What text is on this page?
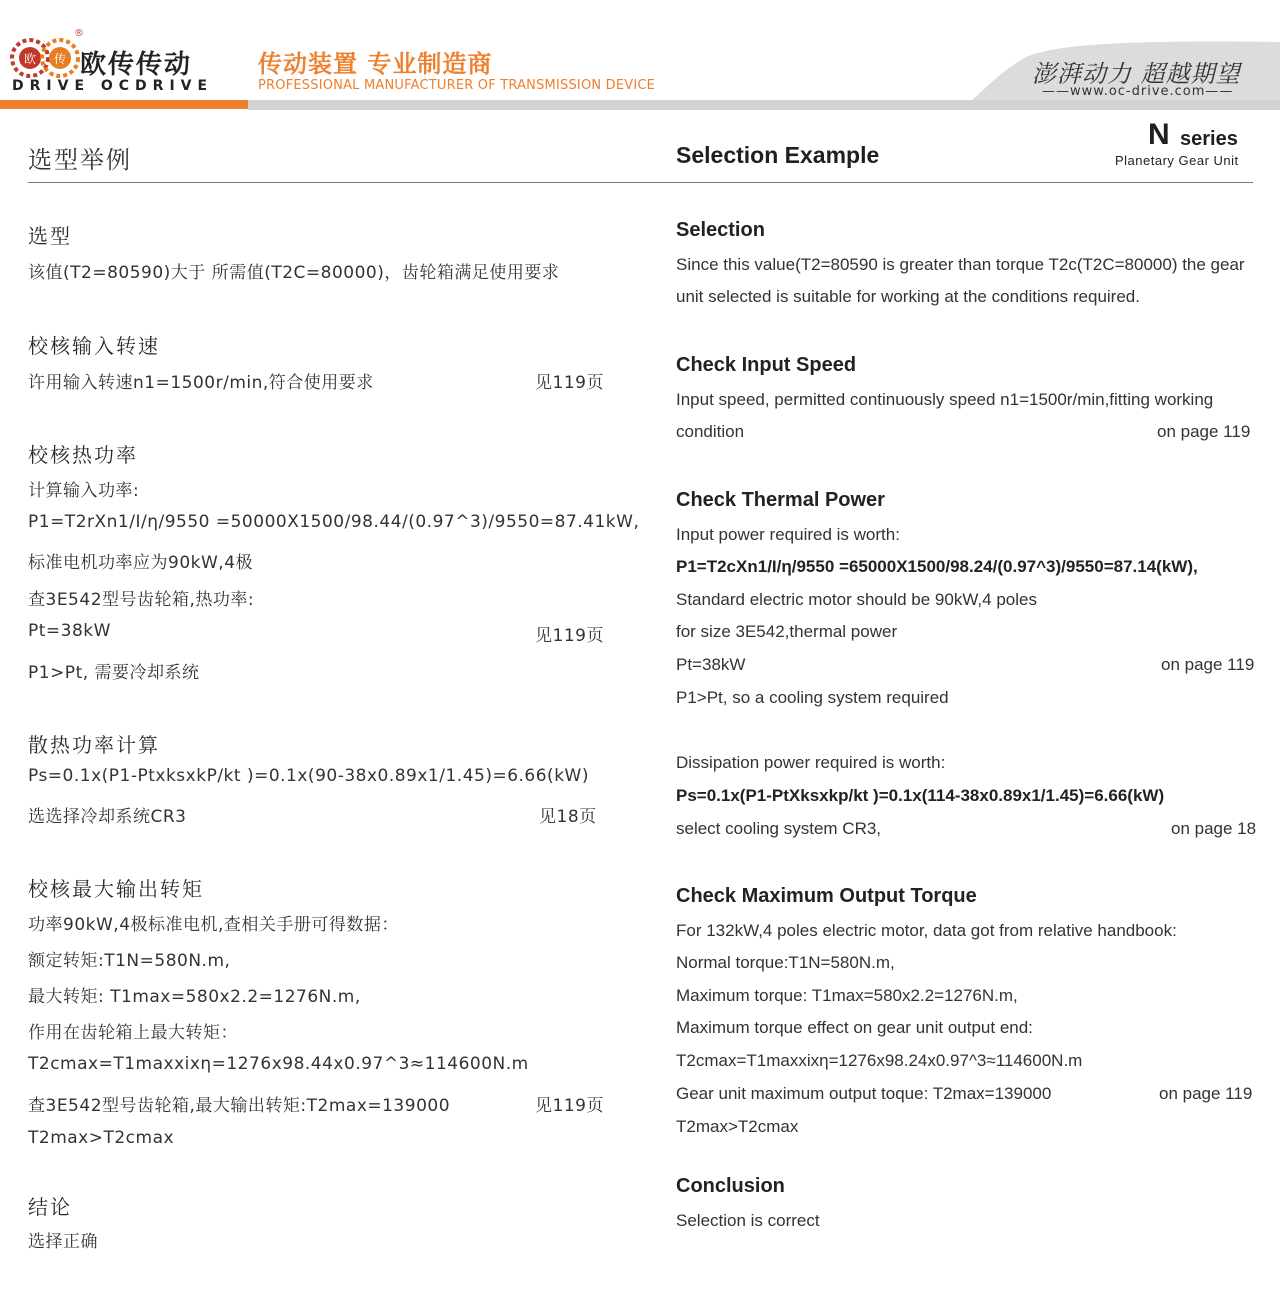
欧 传
®
欧传传动
DRIVE OCDRIVE
传动装置 专业制造商
PROFESSIONAL MANUFACTURER OF TRANSMISSION DEVICE	澎湃动力 超越期望
——www.oc-drive.com——
选型举例	Selection Example
N series
Planetary Gear Unit
选型
该值(T2=80590)大于 所需值(T2C=80000)，齿轮箱满足使用要求
校核输入转速
许用输入转速n1=1500r/min,符合使用要求	见119页
校核热功率
计算输入功率:
P1=T2rXn1/I/η/9550 =50000X1500/98.44/(0.97^3)/9550=87.41kW,
标准电机功率应为90kW,4极
查3E542型号齿轮箱,热功率:
Pt=38kW	见119页
P1>Pt, 需要冷却系统
散热功率计算
Ps=0.1x(P1-PtxksxkP/kt )=0.1x(90-38x0.89x1/1.45)=6.66(kW)
选选择冷却系统CR3	见18页
校核最大输出转矩
功率90kW,4极标准电机,查相关手册可得数据：
额定转矩:T1N=580N.m,
最大转矩: T1max=580x2.2=1276N.m,
作用在齿轮箱上最大转矩：
T2cmax=T1maxxixη=1276x98.44x0.97^3≈114600N.m
查3E542型号齿轮箱,最大输出转矩:T2max=139000	见119页
T2max>T2cmax
结论
选择正确
Selection
Since this value(T2=80590 is greater than torque T2c(T2C=80000) the gear
unit selected is suitable for working at the conditions required.
Check Input Speed
Input speed, permitted continuously speed n1=1500r/min,fitting working
condition	on page 119
Check Thermal Power
Input power required is worth:
P1=T2cXn1/I/η/9550 =65000X1500/98.24/(0.97^3)/9550=87.14(kW),
Standard electric motor should be 90kW,4 poles
for size 3E542,thermal power
Pt=38kW	on page 119
P1>Pt, so a cooling system required
Dissipation power required is worth:
Ps=0.1x(P1-PtXksxkp/kt )=0.1x(114-38x0.89x1/1.45)=6.66(kW)
select cooling system CR3,	on page 18
Check Maximum Output Torque
For 132kW,4 poles electric motor, data got from relative handbook:
Normal torque:T1N=580N.m,
Maximum torque: T1max=580x2.2=1276N.m,
Maximum torque effect on gear unit output end:
T2cmax=T1maxxixη=1276x98.24x0.97^3≈114600N.m
Gear unit maximum output toque: T2max=139000	on page 119
T2max>T2cmax
Conclusion
Selection is correct
